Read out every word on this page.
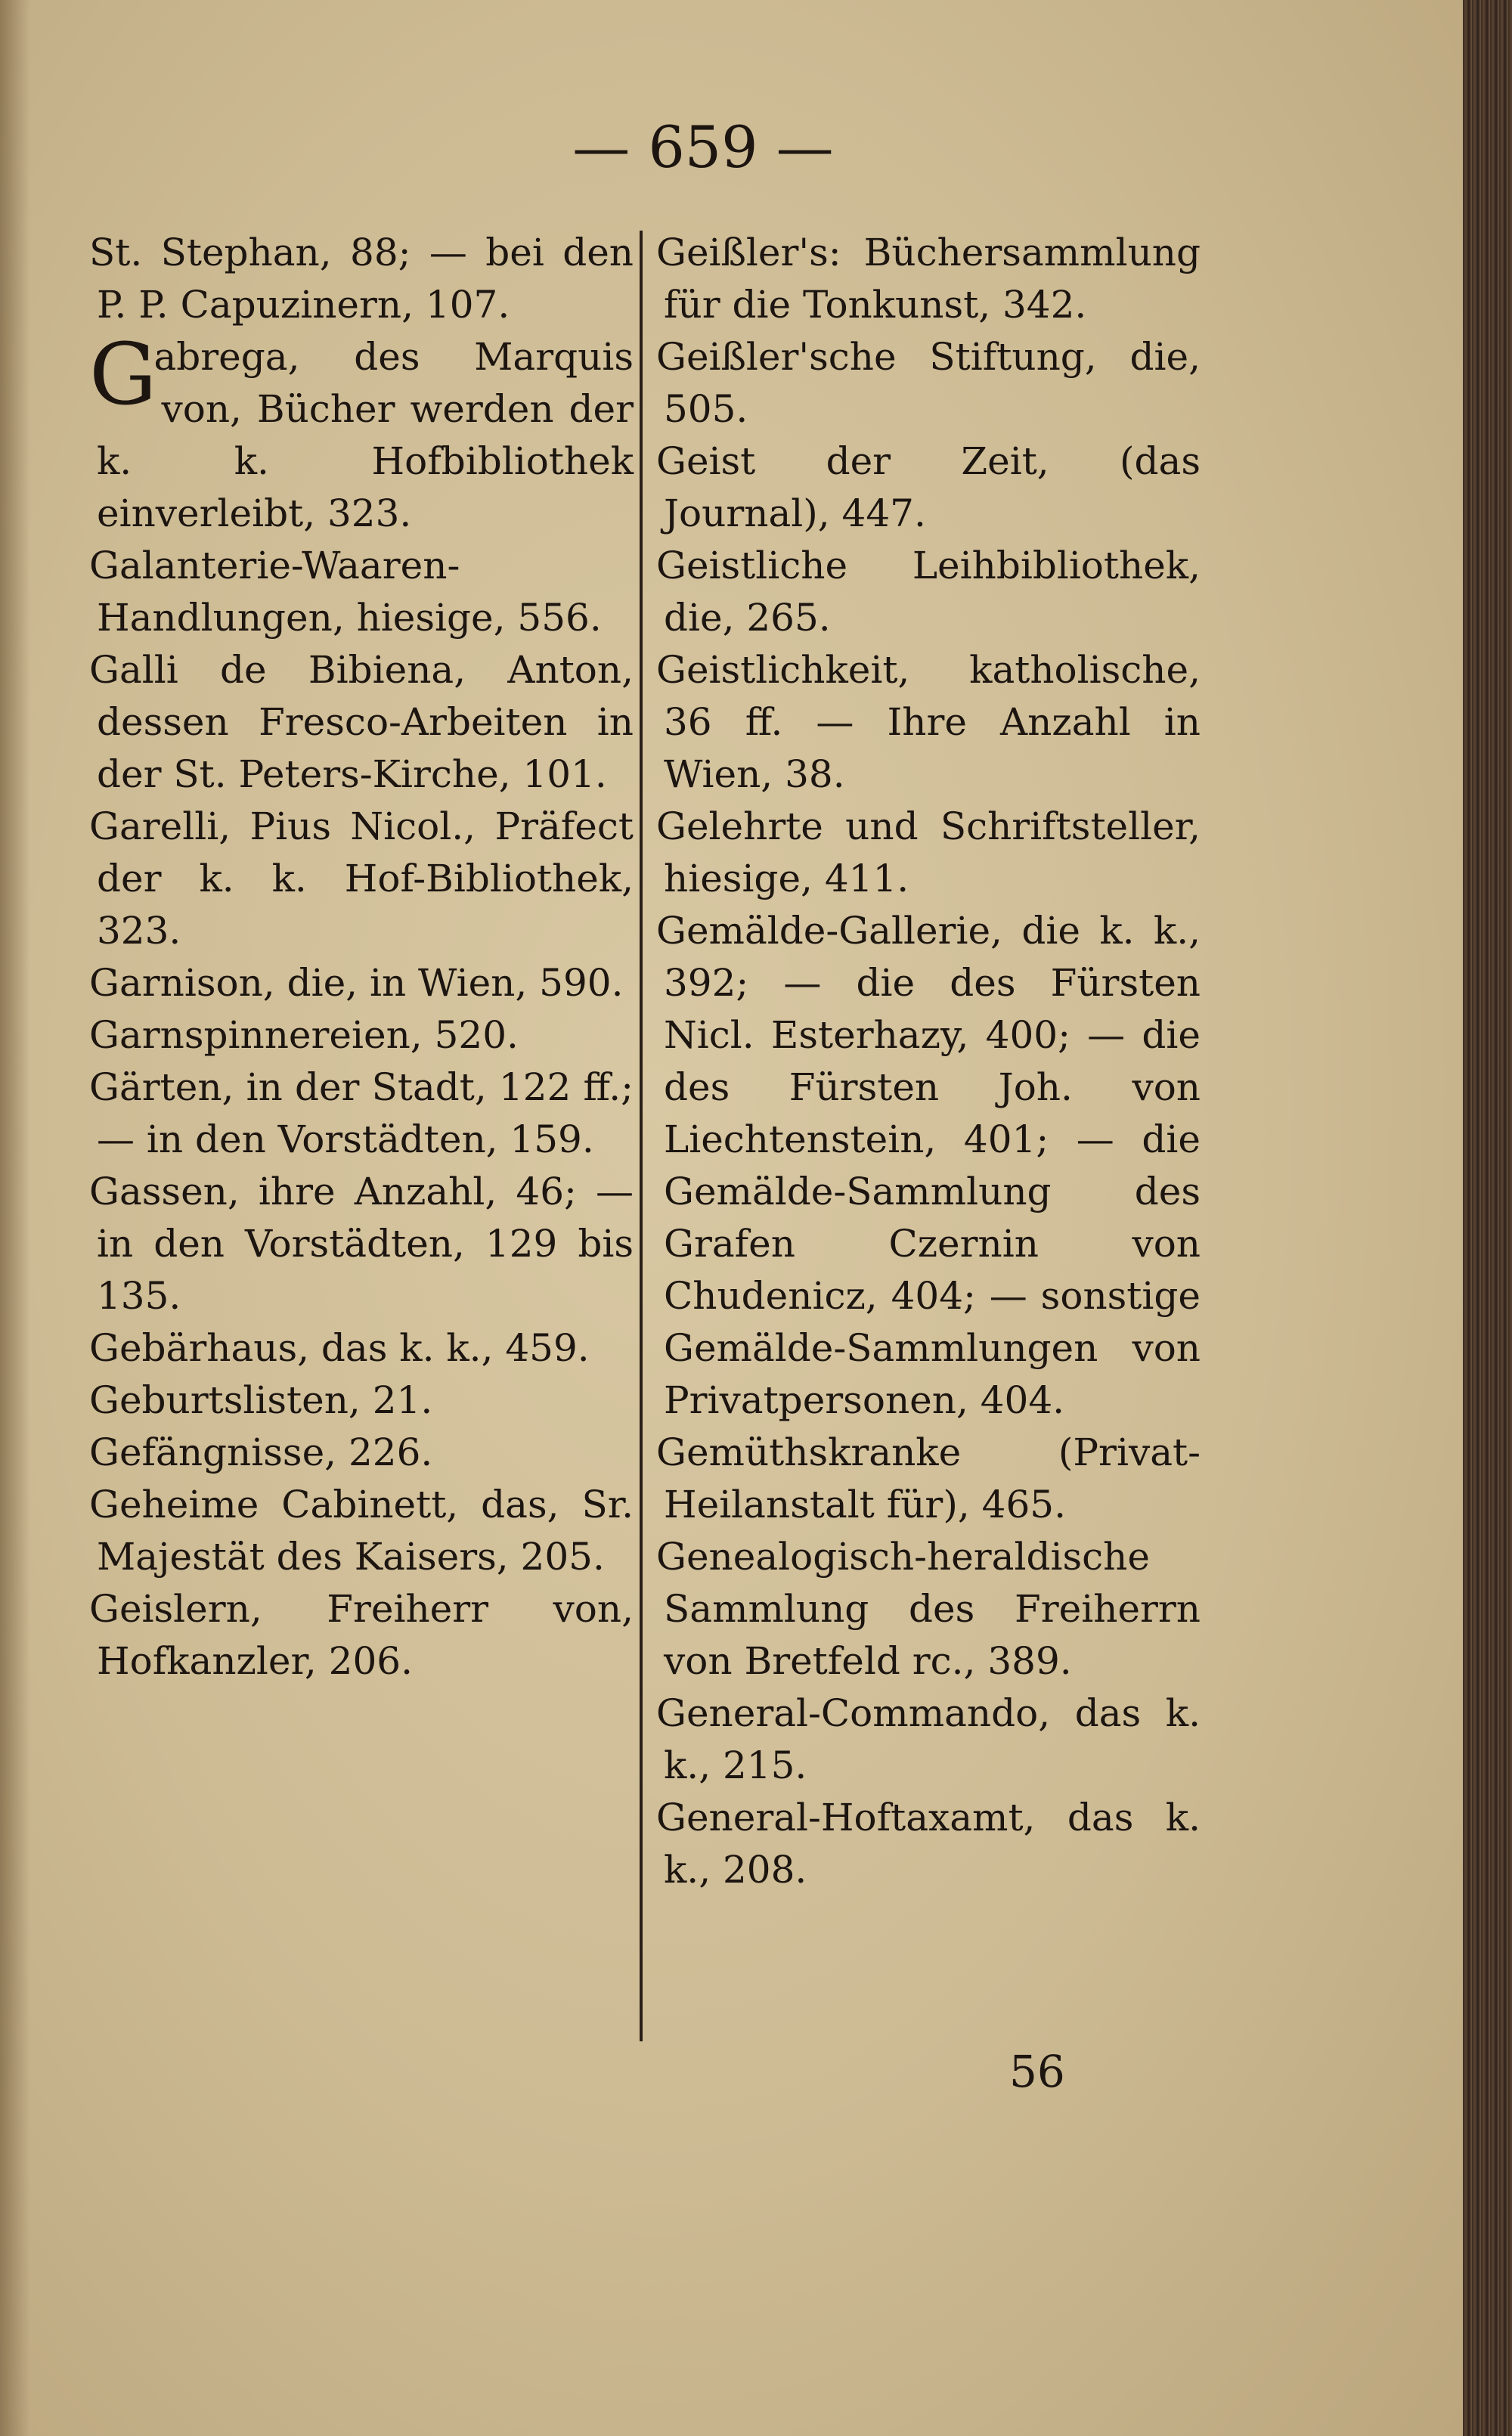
— 659 —

St. Stephan, 88; — bei den P. P. Capuzinern, 107.

G
abrega, des Marquis von, Bücher werden der k. k. Hofbibliothek einverleibt, 323.

Galanterie-Waaren-Handlungen, hiesige, 556.

Galli de Bibiena, Anton, dessen Fresco-Arbeiten in der St. Peters-Kirche, 101.

Garelli, Pius Nicol., Präfect der k. k. Hof-Bibliothek, 323.

Garnison, die, in Wien, 590.

Garnspinnereien, 520.

Gärten, in der Stadt, 122 ff.; — in den Vorstädten, 159.

Gassen, ihre Anzahl, 46; — in den Vorstädten, 129 bis 135.

Gebärhaus, das k. k., 459.

Geburtslisten, 21.

Gefängnisse, 226.

Geheime Cabinett, das, Sr. Majestät des Kaisers, 205.

Geislern, Freiherr von, Hofkanzler, 206.

Geißler's: Büchersammlung für die Tonkunst, 342.

Geißler'sche Stiftung, die, 505.

Geist der Zeit, (das Journal), 447.

Geistliche Leihbibliothek, die, 265.

Geistlichkeit, katholische, 36 ff. — Ihre Anzahl in Wien, 38.

Gelehrte und Schriftsteller, hiesige, 411.

Gemälde-Gallerie, die k. k., 392; — die des Fürsten Nicl. Esterhazy, 400; — die des Fürsten Joh. von Liechtenstein, 401; — die Gemälde-Sammlung des Grafen Czernin von Chudenicz, 404; — sonstige Gemälde-Sammlungen von Privatpersonen, 404.

Gemüthskranke (Privat-Heilanstalt für), 465.

Genealogisch-heraldische Sammlung des Freiherrn von Bretfeld rc., 389.

General-Commando, das k. k., 215.

General-Hoftaxamt, das k. k., 208.

56
